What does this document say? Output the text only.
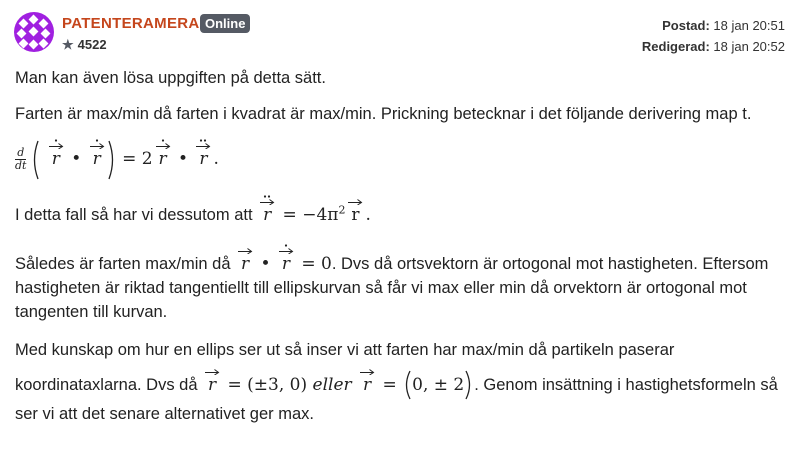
PATENTERAMERA Online
★ 4522
Postad: 18 jan 20:51
Redigerad: 18 jan 20:52

Man kan även lösa uppgiften på detta sätt.

Farten är max/min då farten i kvadrat är max/min. Prickning betecknar i det följande derivering map t.

$\frac{d}{dt}$
r • r = 2 r • r .

I detta fall så har vi dessutom att $r = -4\pi^2$ r .

Således är farten max/min då r • r = 0. Dvs då ortsvektorn är ortogonal mot hastigheten. Eftersom hastigheten är riktad tangentiellt till ellipskurvan så får vi max eller min då orvektorn är ortogonal mot tangenten till kurvan.

Med kunskap om hur en ellips ser ut så inser vi att farten har max/min då partikeln paserar koordinataxlarna. Dvs då r = (±3, 0) eller r = 0, ± 2 . Genom insättning i hastighetsformeln så ser vi att det senare alternativet ger max.
